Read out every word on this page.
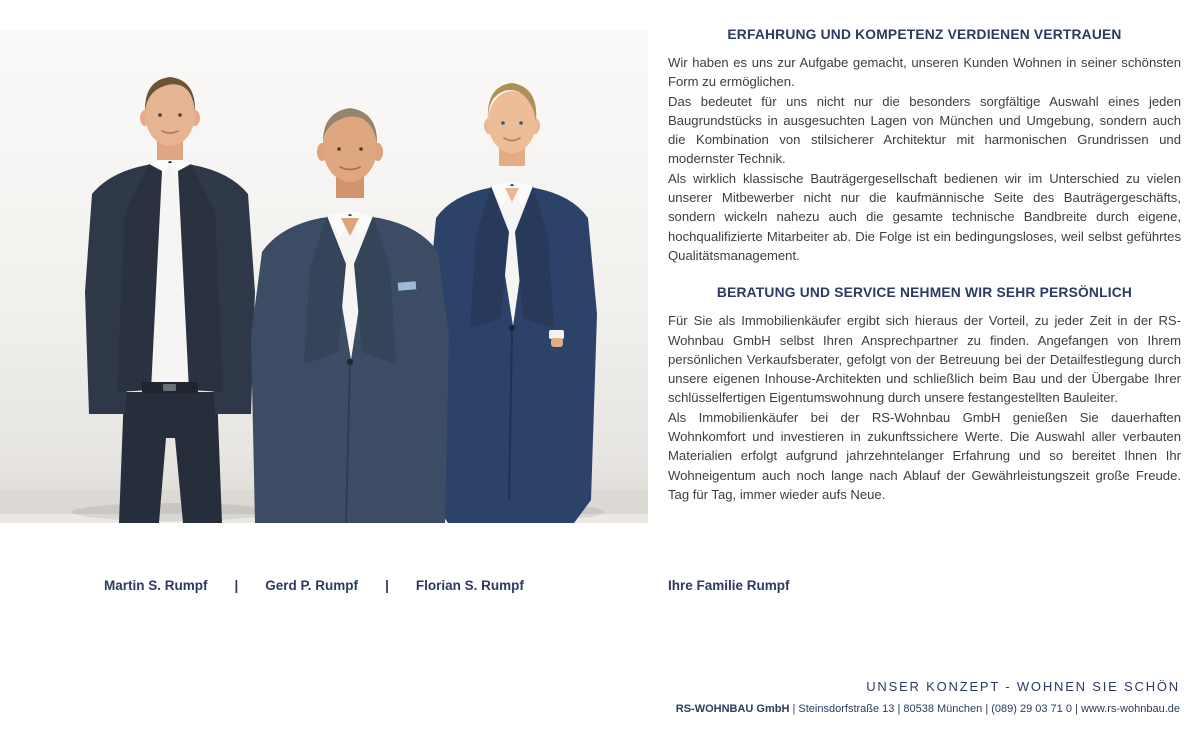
ERFAHRUNG UND KOMPETENZ VERDIENEN VERTRAUEN

Wir haben es uns zur Aufgabe gemacht, unseren Kunden Wohnen in seiner schönsten Form zu ermöglichen.

Das bedeutet für uns nicht nur die besonders sorgfältige Auswahl eines jeden Baugrundstücks in ausgesuchten Lagen von München und Umgebung, sondern auch die Kombination von stilsicherer Architektur mit harmonischen Grundrissen und modernster Technik.

Als wirklich klassische Bauträgergesellschaft bedienen wir im Unterschied zu vielen unserer Mitbewerber nicht nur die kaufmännische Seite des Bauträgergeschäfts, sondern wickeln nahezu auch die gesamte technische Bandbreite durch eigene, hochqualifizierte Mitarbeiter ab. Die Folge ist ein bedingungsloses, weil selbst geführtes Qualitätsmanagement.

BERATUNG UND SERVICE NEHMEN WIR SEHR PERSÖNLICH

Für Sie als Immobilienkäufer ergibt sich hieraus der Vorteil, zu jeder Zeit in der RS-Wohnbau GmbH selbst Ihren Ansprechpartner zu finden. Angefangen von Ihrem persönlichen Verkaufsberater, gefolgt von der Betreuung bei der Detailfestlegung durch unsere eigenen Inhouse-Architekten und schließlich beim Bau und der Übergabe Ihrer schlüsselfertigen Eigentumswohnung durch unsere festangestellten Bauleiter.

Als Immobilienkäufer bei der RS-Wohnbau GmbH genießen Sie dauerhaften Wohnkomfort und investieren in zukunftssichere Werte. Die Auswahl aller verbauten Materialien erfolgt aufgrund jahrzehntelanger Erfahrung und so bereitet Ihnen Ihr Wohneigentum auch noch lange nach Ablauf der Gewährleistungszeit große Freude. Tag für Tag, immer wieder aufs Neue.

Martin S. Rumpf | Gerd P. Rumpf | Florian S. Rumpf	Ihre Familie Rumpf
UNSER KONZEPT - WOHNEN SIE SCHÖN
RS-WOHNBAU GmbH | Steinsdorfstraße 13 | 80538 München | (089) 29 03 71 0 | www.rs-wohnbau.de
